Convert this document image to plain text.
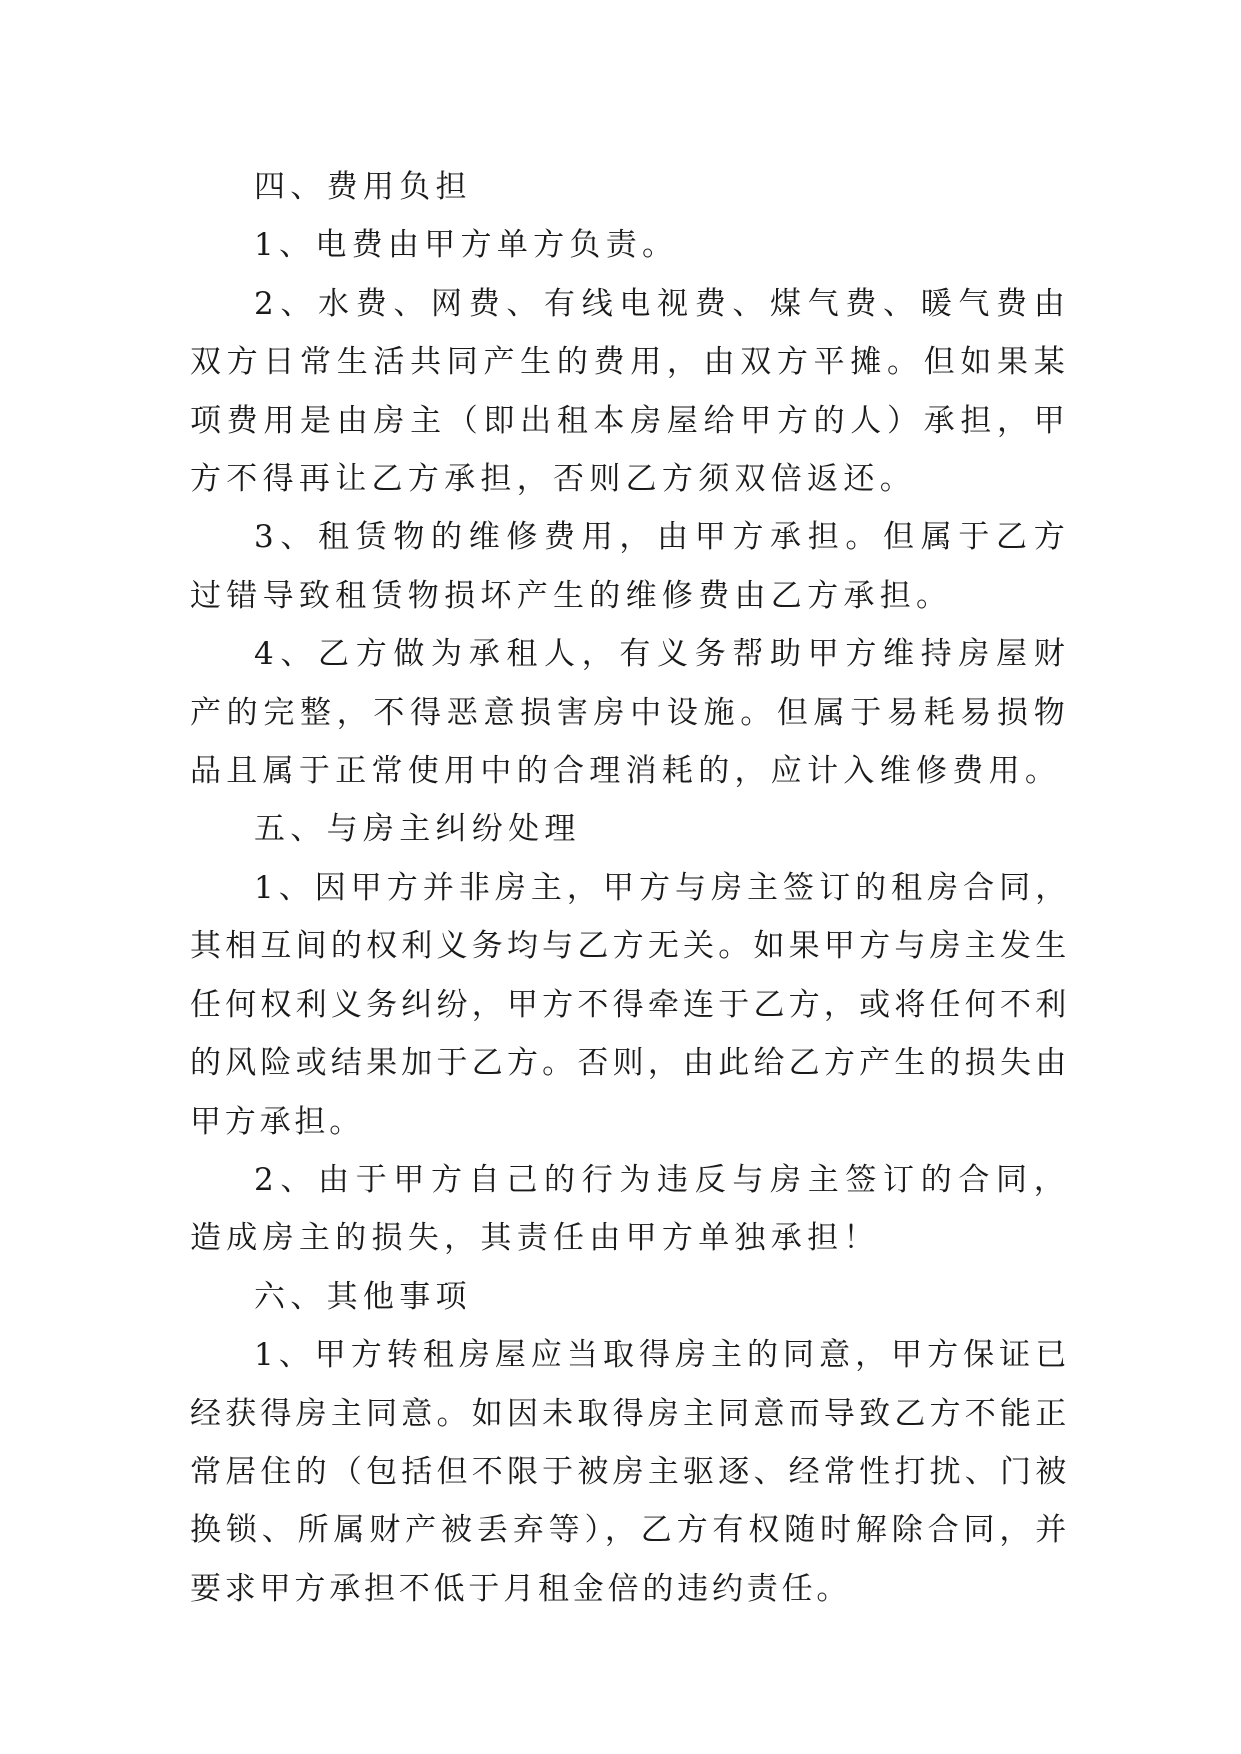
四、费用负担

1、电费由甲方单方负责。

2、水费、网费、有线电视费、煤气费、暖气费由双方日常生活共同产生的费用，由双方平摊。但如果某项费用是由房主（即出租本房屋给甲方的人）承担，甲方不得再让乙方承担，否则乙方须双倍返还。

3、租赁物的维修费用，由甲方承担。但属于乙方过错导致租赁物损坏产生的维修费由乙方承担。

4、乙方做为承租人，有义务帮助甲方维持房屋财产的完整，不得恶意损害房中设施。但属于易耗易损物品且属于正常使用中的合理消耗的，应计入维修费用。

五、与房主纠纷处理

1、因甲方并非房主，甲方与房主签订的租房合同，其相互间的权利义务均与乙方无关。如果甲方与房主发生任何权利义务纠纷，甲方不得牵连于乙方，或将任何不利的风险或结果加于乙方。否则，由此给乙方产生的损失由甲方承担。

2、由于甲方自己的行为违反与房主签订的合同，造成房主的损失，其责任由甲方单独承担！

六、其他事项

1、甲方转租房屋应当取得房主的同意，甲方保证已经获得房主同意。如因未取得房主同意而导致乙方不能正常居住的（包括但不限于被房主驱逐、经常性打扰、门被换锁、所属财产被丢弃等），乙方有权随时解除合同，并要求甲方承担不低于月租金倍的违约责任。
